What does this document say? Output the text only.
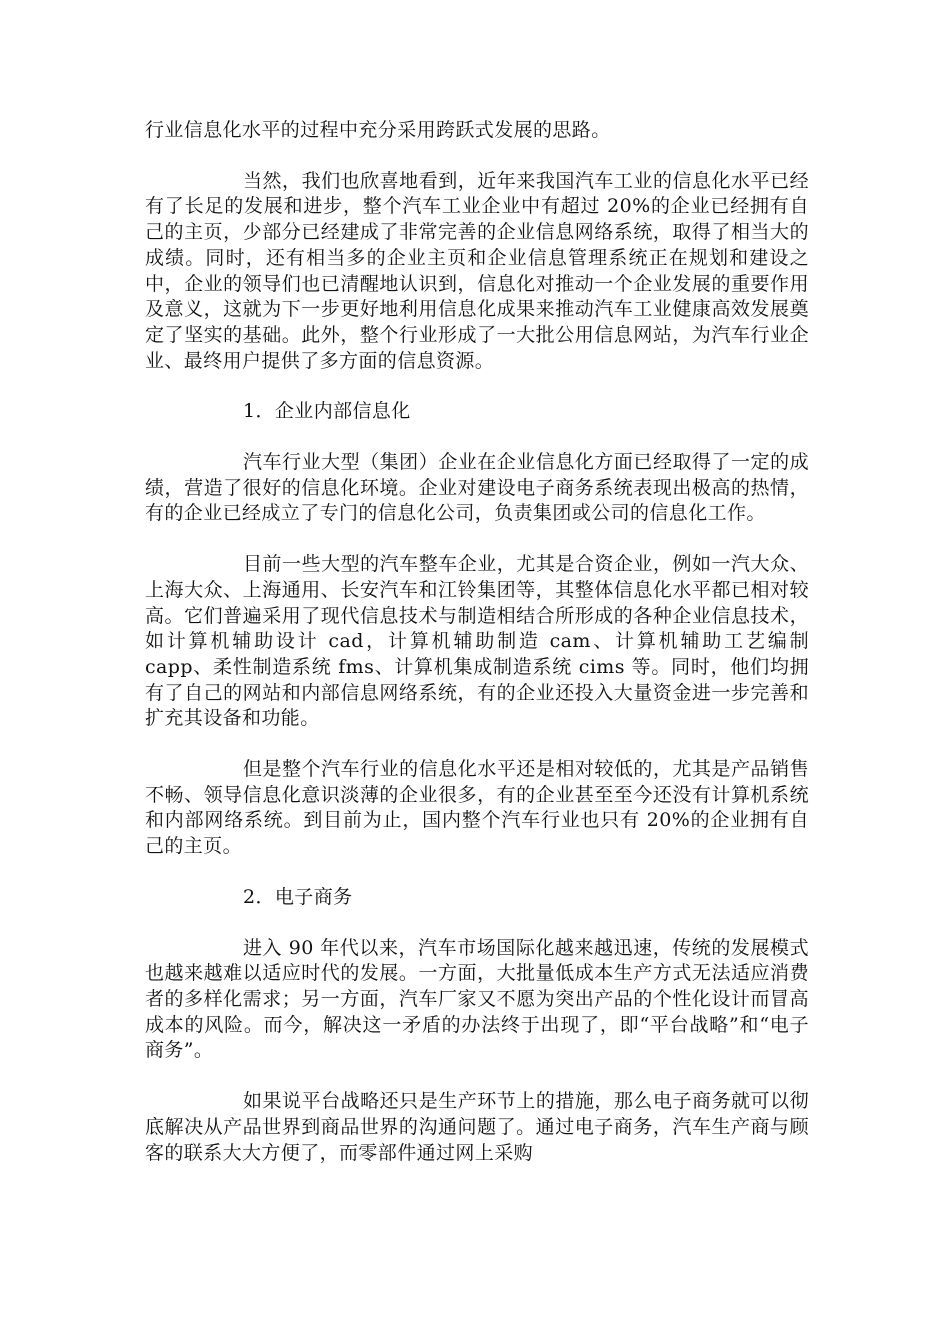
行业信息化水平的过程中充分采用跨跃式发展的思路。

当然，我们也欣喜地看到，近年来我国汽车工业的信息化水平已经有了长足的发展和进步，整个汽车工业企业中有超过 20%的企业已经拥有自己的主页，少部分已经建成了非常完善的企业信息网络系统，取得了相当大的成绩。同时，还有相当多的企业主页和企业信息管理系统正在规划和建设之中，企业的领导们也已清醒地认识到，信息化对推动一个企业发展的重要作用及意义，这就为下一步更好地利用信息化成果来推动汽车工业健康高效发展奠定了坚实的基础。此外，整个行业形成了一大批公用信息网站，为汽车行业企业、最终用户提供了多方面的信息资源。

1．企业内部信息化

汽车行业大型（集团）企业在企业信息化方面已经取得了一定的成绩，营造了很好的信息化环境。企业对建设电子商务系统表现出极高的热情，有的企业已经成立了专门的信息化公司，负责集团或公司的信息化工作。

目前一些大型的汽车整车企业，尤其是合资企业，例如一汽大众、上海大众、上海通用、长安汽车和江铃集团等，其整体信息化水平都已相对较高。它们普遍采用了现代信息技术与制造相结合所形成的各种企业信息技术，如计算机辅助设计 cad，计算机辅助制造 cam、计算机辅助工艺编制 capp、柔性制造系统 fms、计算机集成制造系统 cims 等。同时，他们均拥有了自己的网站和内部信息网络系统，有的企业还投入大量资金进一步完善和扩充其设备和功能。

但是整个汽车行业的信息化水平还是相对较低的，尤其是产品销售不畅、领导信息化意识淡薄的企业很多，有的企业甚至至今还没有计算机系统和内部网络系统。到目前为止，国内整个汽车行业也只有 20%的企业拥有自己的主页。

2．电子商务

进入 90 年代以来，汽车市场国际化越来越迅速，传统的发展模式也越来越难以适应时代的发展。一方面，大批量低成本生产方式无法适应消费者的多样化需求；另一方面，汽车厂家又不愿为突出产品的个性化设计而冒高成本的风险。而今，解决这一矛盾的办法终于出现了，即“平台战略”和“电子商务”。

如果说平台战略还只是生产环节上的措施，那么电子商务就可以彻底解决从产品世界到商品世界的沟通问题了。通过电子商务，汽车生产商与顾客的联系大大方便了，而零部件通过网上采购
